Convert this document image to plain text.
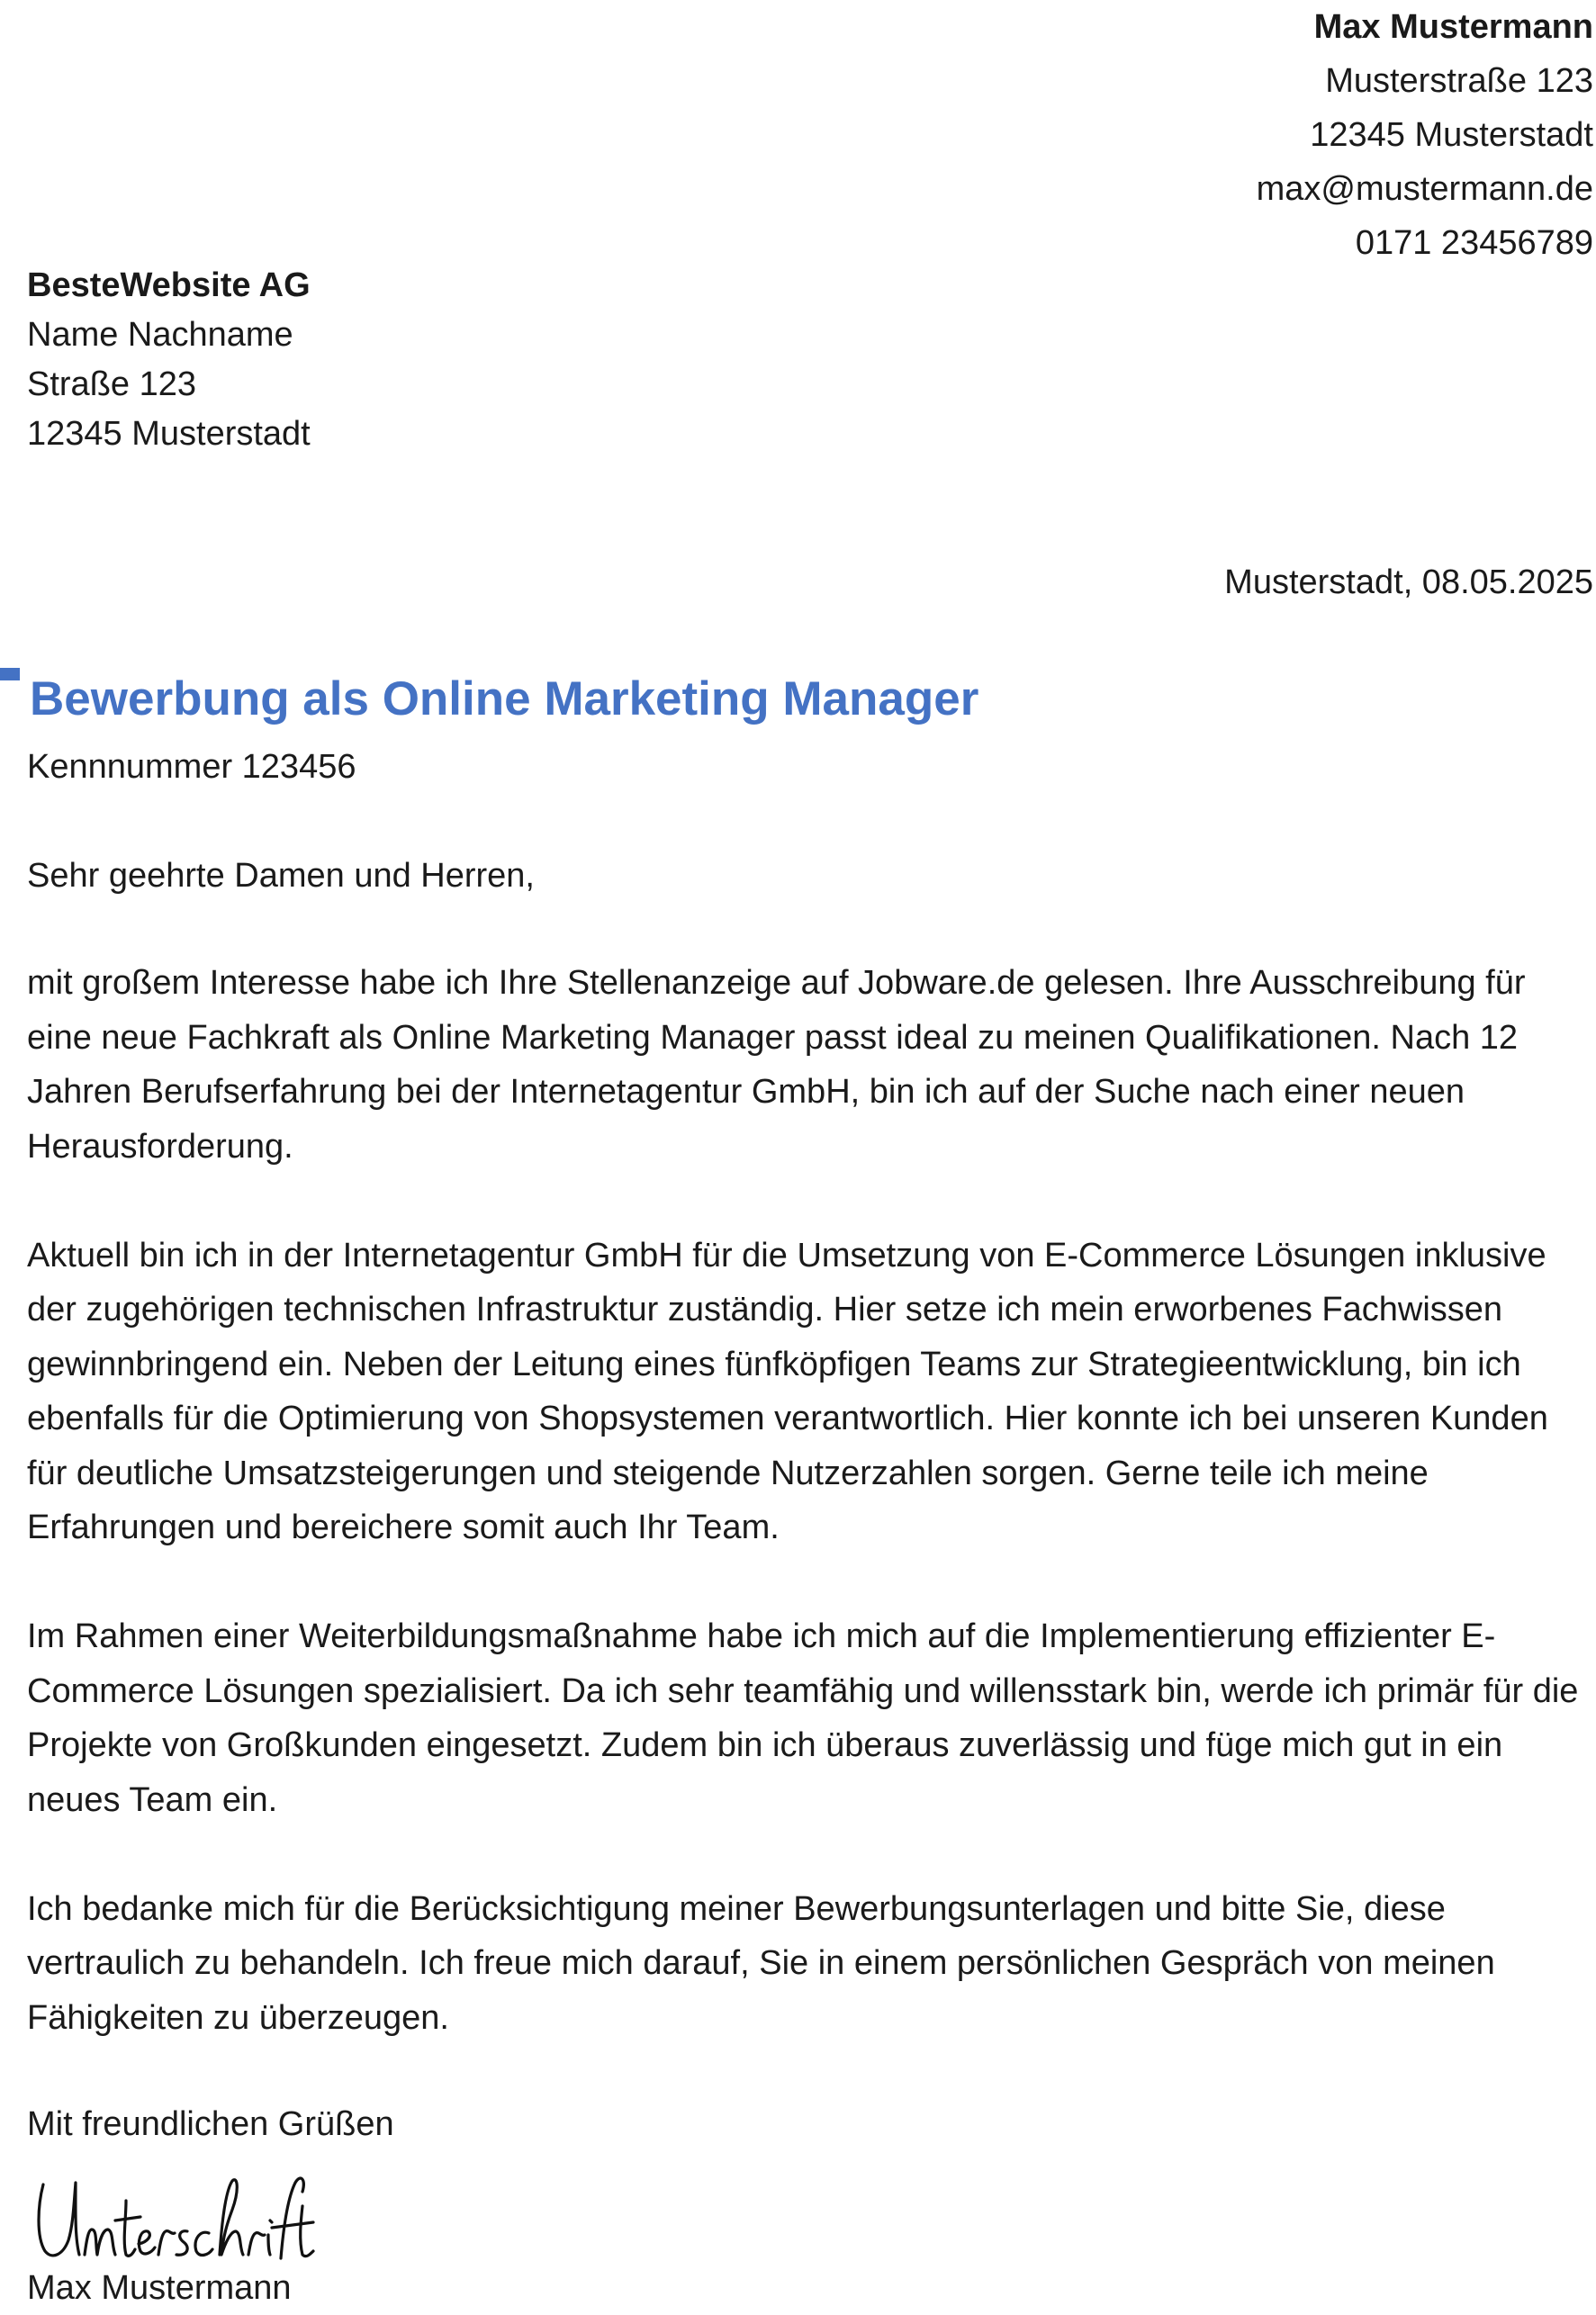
Max Mustermann
Musterstraße 123
12345 Musterstadt
max@mustermann.de
0171 23456789
BesteWebsite AG
Name Nachname
Straße 123
12345 Musterstadt
Musterstadt, 08.05.2025
Bewerbung als Online Marketing Manager
Kennnummer 123456
Sehr geehrte Damen und Herren,

mit großem Interesse habe ich Ihre Stellenanzeige auf Jobware.de gelesen. Ihre Ausschreibung für eine neue Fachkraft als Online Marketing Manager passt ideal zu meinen Qualifikationen. Nach 12 Jahren Berufserfahrung bei der Internetagentur GmbH, bin ich auf der Suche nach einer neuen Herausforderung.

Aktuell bin ich in der Internetagentur GmbH für die Umsetzung von E-Commerce Lösungen inklusive der zugehörigen technischen Infrastruktur zuständig. Hier setze ich mein erworbenes Fachwissen gewinnbringend ein. Neben der Leitung eines fünfköpfigen Teams zur Strategieentwicklung, bin ich ebenfalls für die Optimierung von Shopsystemen verantwortlich. Hier konnte ich bei unseren Kunden für deutliche Umsatzsteigerungen und steigende Nutzerzahlen sorgen. Gerne teile ich meine Erfahrungen und bereichere somit auch Ihr Team.

Im Rahmen einer Weiterbildungsmaßnahme habe ich mich auf die Implementierung effizienter E-Commerce Lösungen spezialisiert. Da ich sehr teamfähig und willensstark bin, werde ich primär für die Projekte von Großkunden eingesetzt. Zudem bin ich überaus zuverlässig und füge mich gut in ein neues Team ein.

Ich bedanke mich für die Berücksichtigung meiner Bewerbungsunterlagen und bitte Sie, diese vertraulich zu behandeln. Ich freue mich darauf, Sie in einem persönlichen Gespräch von meinen Fähigkeiten zu überzeugen.

Mit freundlichen Grüßen
Max Mustermann
